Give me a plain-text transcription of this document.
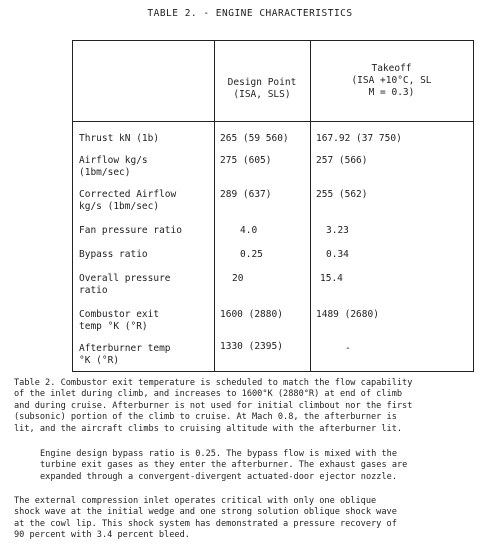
TABLE 2. - ENGINE CHARACTERISTICS
Design Point
(ISA, SLS)
Takeoff
(ISA +10°C, SL
M = 0.3)
Thrust kN (1b)	265 (59 560)	167.92 (37 750)
Airflow kg/s
(1bm/sec)
275 (605)	257 (566)
Corrected Airflow
kg/s (1bm/sec)
289 (637)	255 (562)
Fan pressure ratio	4.0	3.23
Bypass ratio	0.25	0.34
Overall pressure
ratio
20	15.4
Combustor exit
temp °K (°R)
1600 (2880)	1489 (2680)
Afterburner temp
°K (°R)
1330 (2395)	-
Table 2. Combustor exit temperature is scheduled to match the flow capability
of the inlet during climb, and increases to 1600°K (2880°R) at end of climb
and during cruise. Afterburner is not used for initial climbout nor the first
(subsonic) portion of the climb to cruise. At Mach 0.8, the afterburner is
lit, and the aircraft climbs to cruising altitude with the afterburner lit.
Engine design bypass ratio is 0.25. The bypass flow is mixed with the
turbine exit gases as they enter the afterburner. The exhaust gases are
expanded through a convergent-divergent actuated-door ejector nozzle.
The external compression inlet operates critical with only one oblique
shock wave at the initial wedge and one strong solution oblique shock wave
at the cowl lip. This shock system has demonstrated a pressure recovery of
90 percent with 3.4 percent bleed.
